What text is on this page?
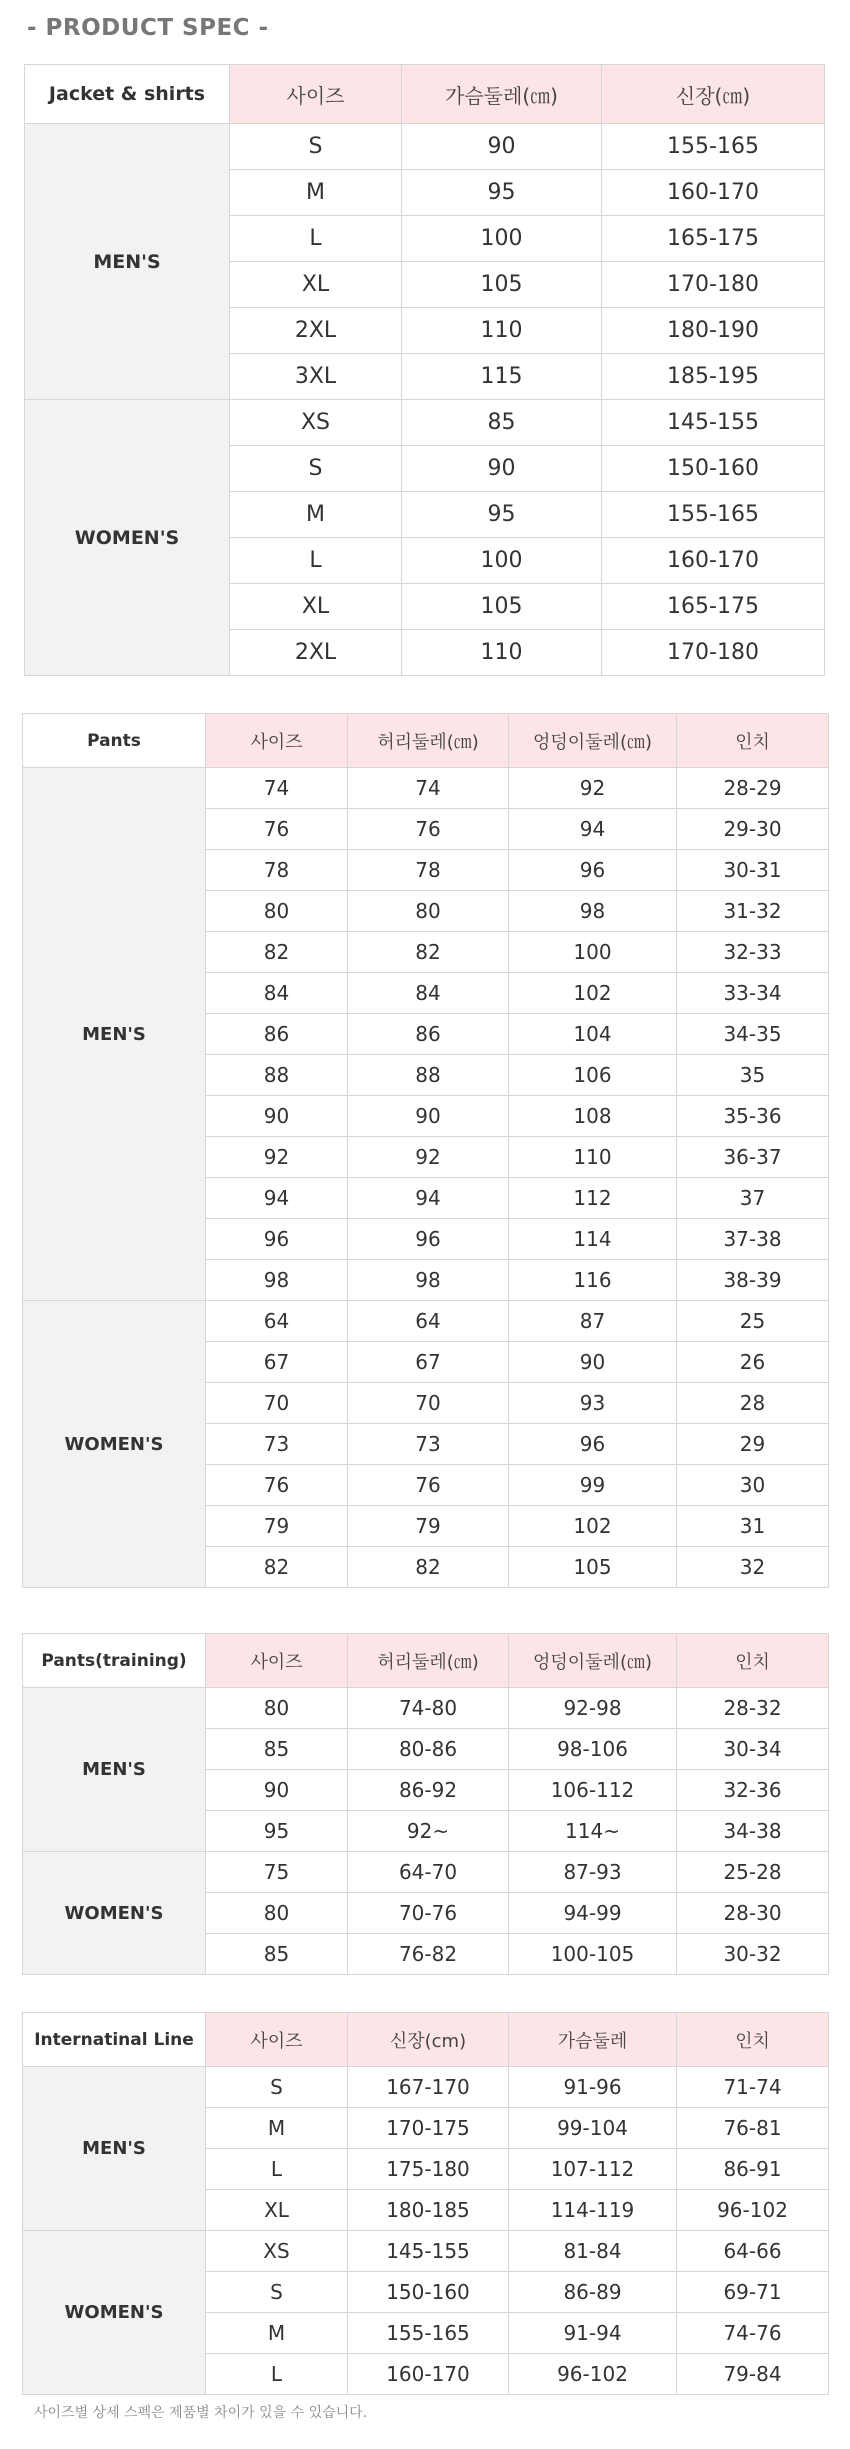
- PRODUCT SPEC -
Jacket & shirts	사이즈	가슴둘레(㎝)	신장(㎝)
MEN'S	S	90	155-165
	M	95	160-170
	L	100	165-175
	XL	105	170-180
	2XL	110	180-190
	3XL	115	185-195
WOMEN'S	XS	85	145-155
	S	90	150-160
	M	95	155-165
	L	100	160-170
	XL	105	165-175
	2XL	110	170-180
Pants	사이즈	허리둘레(㎝)	엉덩이둘레(㎝)	인치
MEN'S	74	74	92	28-29
	76	76	94	29-30
	78	78	96	30-31
	80	80	98	31-32
	82	82	100	32-33
	84	84	102	33-34
	86	86	104	34-35
	88	88	106	35
	90	90	108	35-36
	92	92	110	36-37
	94	94	112	37
	96	96	114	37-38
	98	98	116	38-39
WOMEN'S	64	64	87	25
	67	67	90	26
	70	70	93	28
	73	73	96	29
	76	76	99	30
	79	79	102	31
	82	82	105	32
Pants(training)	사이즈	허리둘레(㎝)	엉덩이둘레(㎝)	인치
MEN'S	80	74-80	92-98	28-32
	85	80-86	98-106	30-34
	90	86-92	106-112	32-36
	95	92~	114~	34-38
WOMEN'S	75	64-70	87-93	25-28
	80	70-76	94-99	28-30
	85	76-82	100-105	30-32
Internatinal Line	사이즈	신장(cm)	가슴둘레	인치
MEN'S	S	167-170	91-96	71-74
	M	170-175	99-104	76-81
	L	175-180	107-112	86-91
	XL	180-185	114-119	96-102
WOMEN'S	XS	145-155	81-84	64-66
	S	150-160	86-89	69-71
	M	155-165	91-94	74-76
	L	160-170	96-102	79-84
사이즈별 상세 스펙은 제품별 차이가 있을 수 있습니다.
